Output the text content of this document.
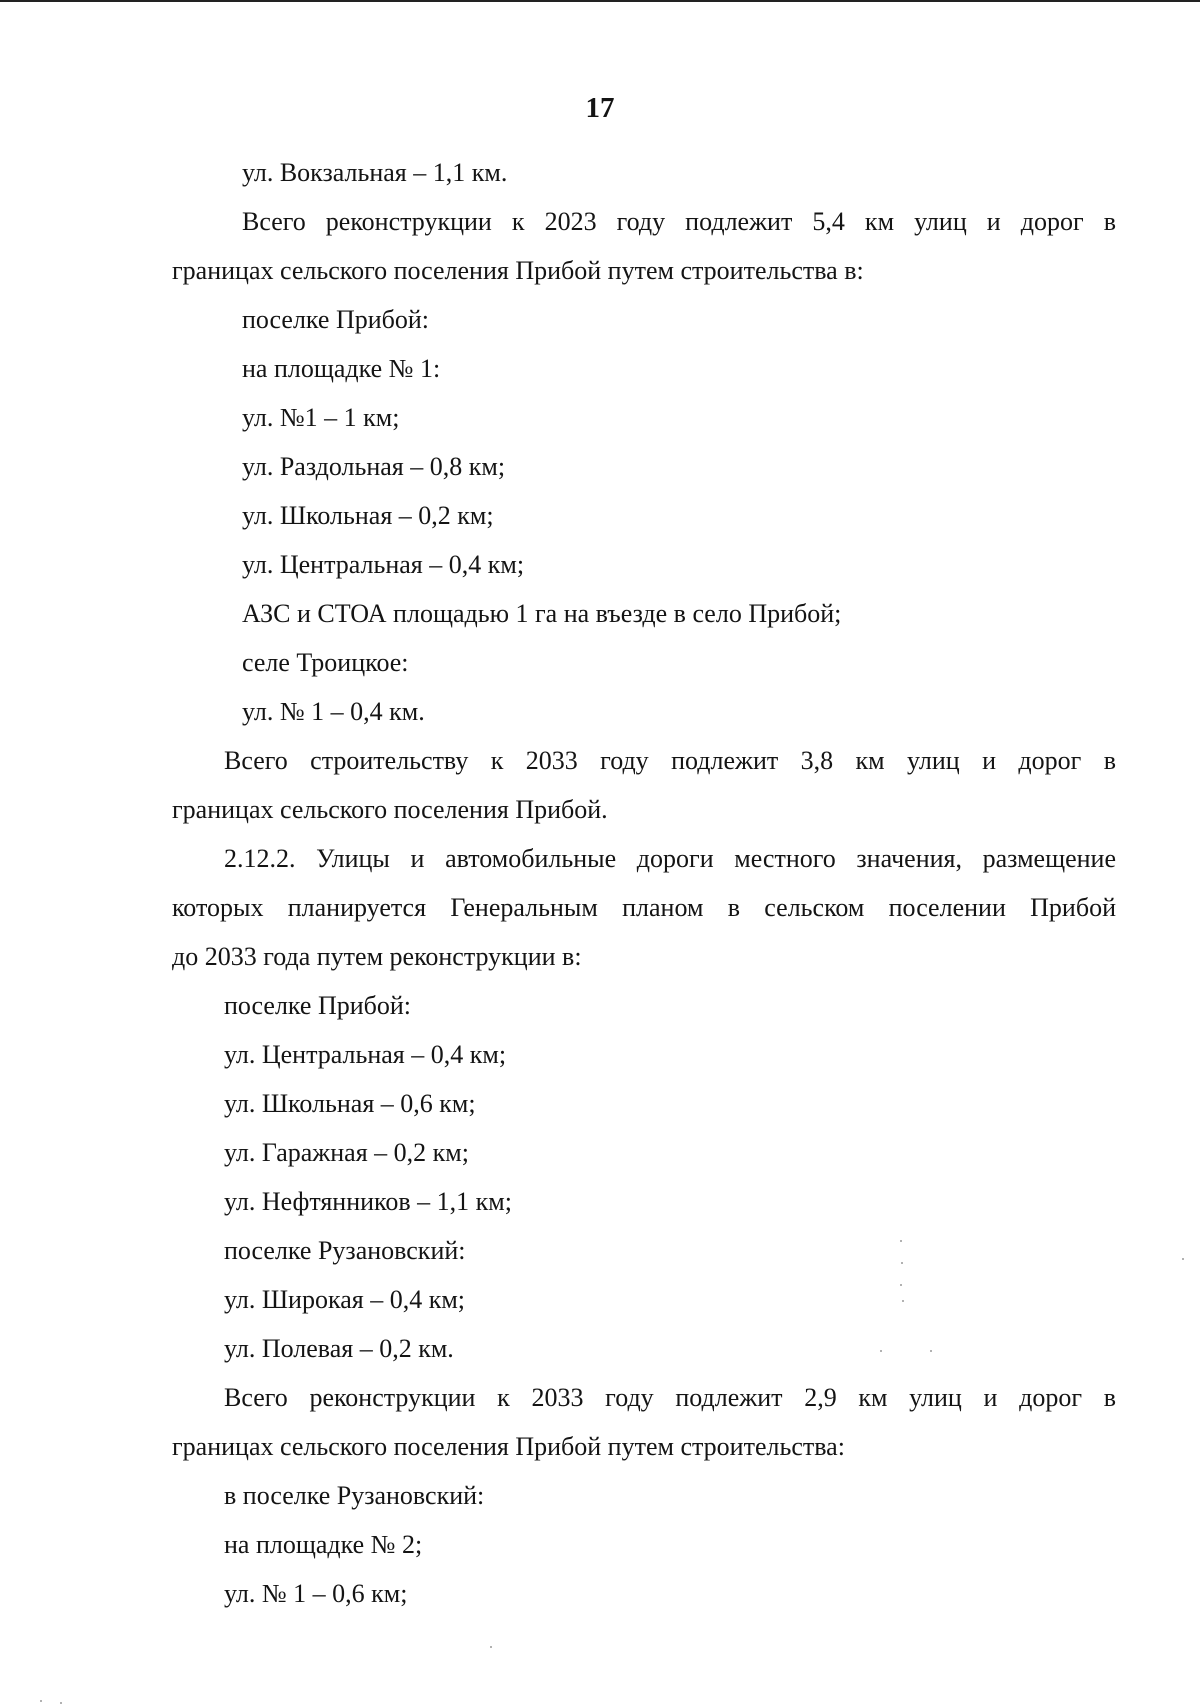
17

ул. Вокзальная – 1,1 км.

Всего реконструкции к 2023 году подлежит 5,4 км улиц и дорог в

границах сельского поселения Прибой путем строительства в:

поселке Прибой:

на площадке № 1:

ул. №1 – 1 км;

ул. Раздольная – 0,8 км;

ул. Школьная – 0,2 км;

ул. Центральная – 0,4 км;

АЗС и СТОА площадью 1 га на въезде в село Прибой;

селе Троицкое:

ул. № 1 – 0,4 км.

Всего строительству к 2033 году подлежит 3,8 км улиц и дорог в

границах сельского поселения Прибой.

2.12.2. Улицы и автомобильные дороги местного значения, размещение

которых планируется Генеральным планом в сельском поселении Прибой

до 2033 года путем реконструкции в:

поселке Прибой:

ул. Центральная – 0,4 км;

ул. Школьная – 0,6 км;

ул. Гаражная – 0,2 км;

ул. Нефтянников – 1,1 км;

поселке Рузановский:

ул. Широкая – 0,4 км;

ул. Полевая – 0,2 км.

Всего реконструкции к 2033 году подлежит 2,9 км улиц и дорог в

границах сельского поселения Прибой путем строительства:

в поселке Рузановский:

на площадке № 2;

ул. № 1 – 0,6 км;
